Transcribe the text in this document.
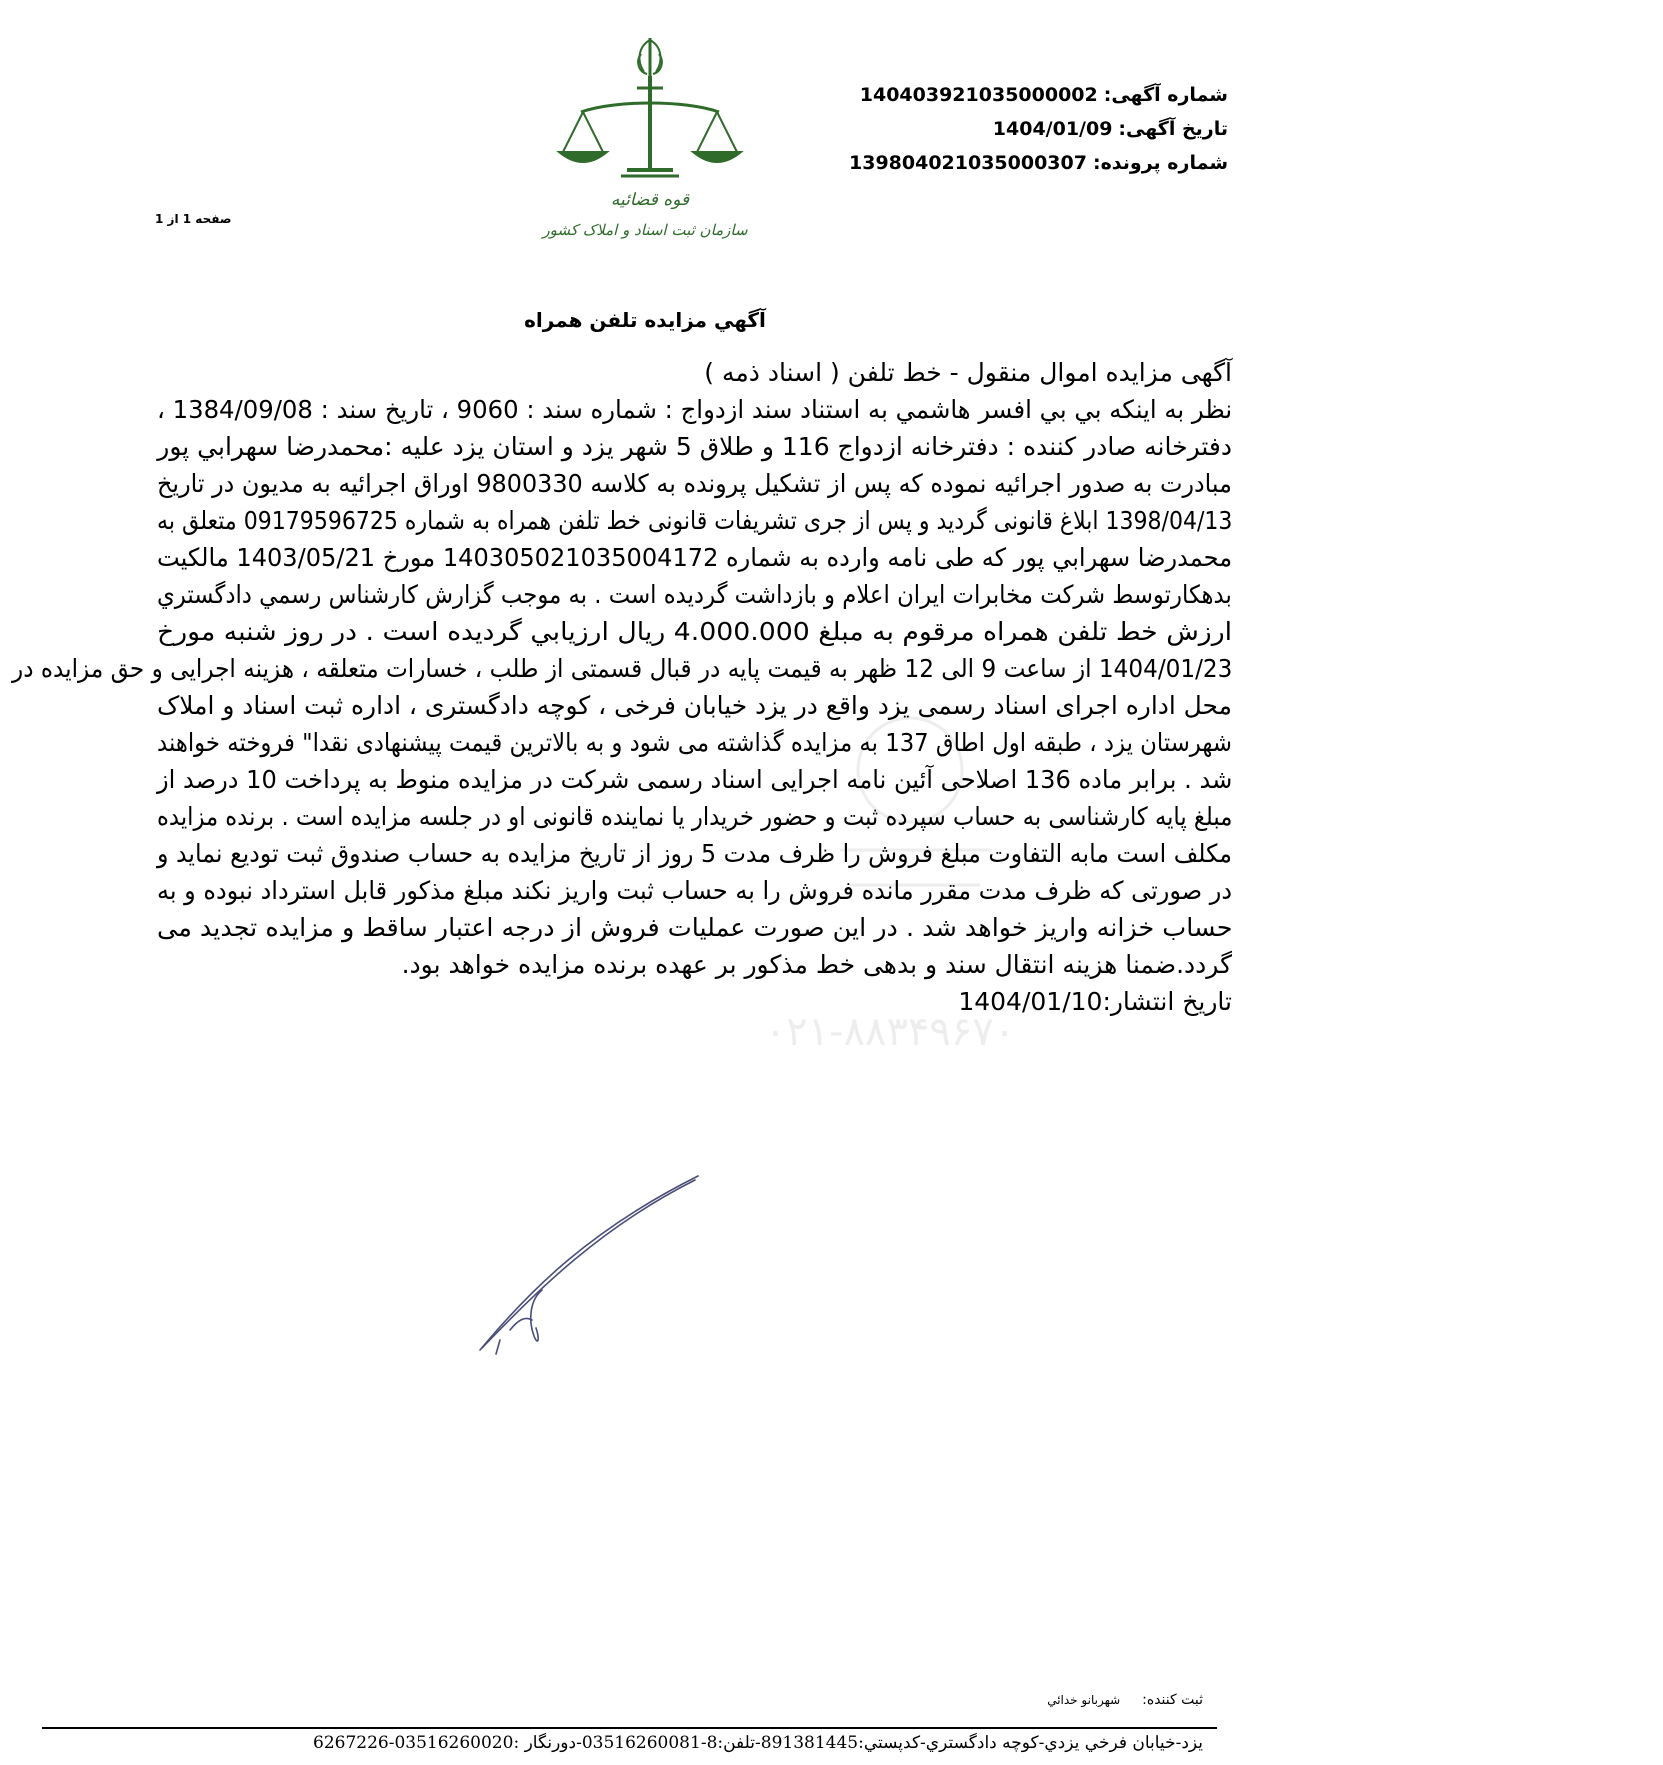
شماره آگهی:140403921035000002
تاریخ آگهی:1404/01/09
شماره پرونده:139804021035000307
صفحه 1 از 1
قوه قضائیه
سازمان ثبت اسناد و املاک کشور
آگهي مزايده تلفن همراه
۰۲۱-۸۸۳۴۹۶۷۰
آگهی مزایده اموال منقول - خط تلفن ( اسناد ذمه )
نظر به اینکه بي بي افسر هاشمي به استناد سند ازدواج : شماره سند : 9060 ، تاریخ سند : 1384/09/08 ،
دفترخانه صادر کننده : دفترخانه ازدواج 116 و طلاق 5 شهر یزد و استان یزد علیه :محمدرضا سهرابي پور
مبادرت به صدور اجرائیه نموده که پس از تشکیل پرونده به کلاسه 9800330 اوراق اجرائیه به مدیون در تاریخ
1398/04/13 ابلاغ قانونی گردید و پس از جری تشریفات قانونی خط تلفن همراه به شماره 09179596725 متعلق به
محمدرضا سهرابي پور که طی نامه وارده به شماره 140305021035004172 مورخ 1403/05/21 مالکیت
بدهکارتوسط شرکت مخابرات ایران اعلام و بازداشت گردیده است . به موجب گزارش کارشناس رسمي دادگستري
ارزش خط تلفن همراه مرقوم به مبلغ 4.000.000 ريال ارزيابي گرديده است . در روز شنبه مورخ
1404/01/23 از ساعت 9 الی 12 ظهر به قیمت پایه در قبال قسمتی از طلب ، خسارات متعلقه ، هزینه اجرایی و حق مزایده در
محل اداره اجرای اسناد رسمی یزد واقع در یزد خیابان فرخی ، کوچه دادگستری ، اداره ثبت اسناد و املاک
شهرستان یزد ، طبقه اول اطاق 137 به مزایده گذاشته می شود و به بالاترین قیمت پیشنهادی نقدا" فروخته خواهند
شد . برابر ماده 136 اصلاحی آئین نامه اجرایی اسناد رسمی شرکت در مزایده منوط به پرداخت 10 درصد از
مبلغ پایه کارشناسی به حساب سپرده ثبت و حضور خریدار یا نماینده قانونی او در جلسه مزایده است . برنده مزایده
مکلف است مابه التفاوت مبلغ فروش را ظرف مدت 5 روز از تاریخ مزایده به حساب صندوق ثبت تودیع نماید و
در صورتی که ظرف مدت مقرر مانده فروش را به حساب ثبت واریز نکند مبلغ مذکور قابل استرداد نبوده و به
حساب خزانه واریز خواهد شد . در این صورت عملیات فروش از درجه اعتبار ساقط و مزایده تجدید می
گردد.ضمنا هزینه انتقال سند و بدهی خط مذکور بر عهده برنده مزایده خواهد بود.
تاریخ انتشار:1404/01/10
ثبت کننده:شهربانو خدائي
يزد-خيابان فرخي يزدي-کوچه دادگستري-کدپستي:891381445-تلفن:8-03516260081-دورنگار :03516260020-6267226
